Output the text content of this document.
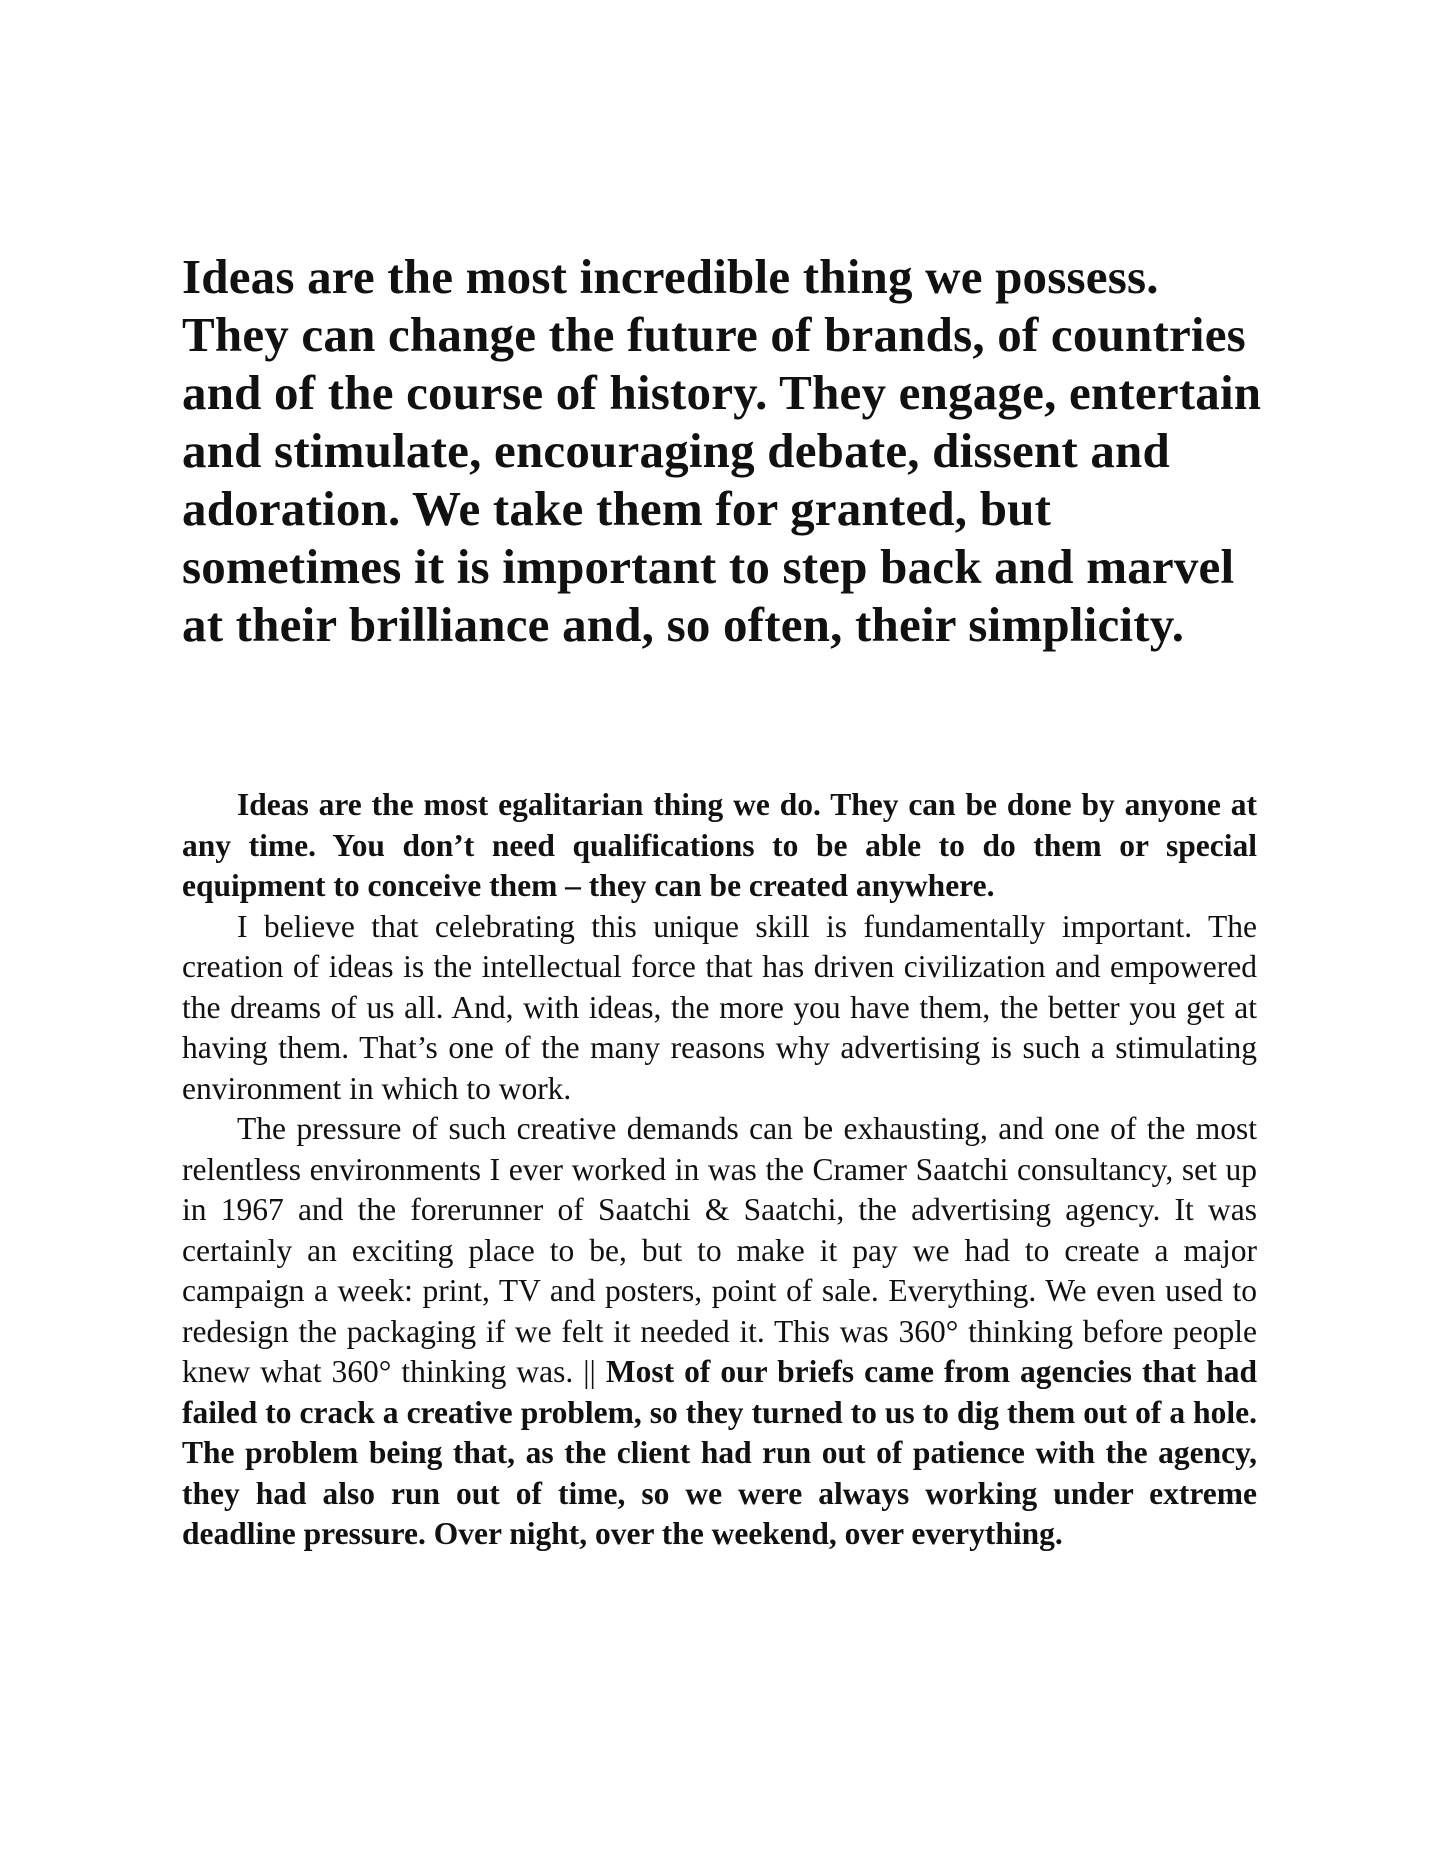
Ideas are the most incredible thing we possess. They can change the future of brands, of countries and of the course of history. They engage, entertain and stimulate, encouraging debate, dissent and adoration. We take them for granted, but sometimes it is important to step back and marvel at their brilliance and, so often, their simplicity.

Ideas are the most egalitarian thing we do. They can be done by anyone at any time. You don’t need qualifications to be able to do them or special equipment to conceive them – they can be created anywhere.

I believe that celebrating this unique skill is fundamentally important. The creation of ideas is the intellectual force that has driven civilization and empowered the dreams of us all. And, with ideas, the more you have them, the better you get at having them. That’s one of the many reasons why advertising is such a stimulating environment in which to work.

The pressure of such creative demands can be exhausting, and one of the most relentless environments I ever worked in was the Cramer Saatchi consultancy, set up in 1967 and the forerunner of Saatchi & Saatchi, the advertising agency. It was certainly an exciting place to be, but to make it pay we had to create a major campaign a week: print, TV and posters, point of sale. Everything. We even used to redesign the packaging if we felt it needed it. This was 360° thinking before people knew what 360° thinking was. || Most of our briefs came from agencies that had failed to crack a creative problem, so they turned to us to dig them out of a hole. The problem being that, as the client had run out of patience with the agency, they had also run out of time, so we were always working under extreme deadline pressure. Over night, over the weekend, over everything.
